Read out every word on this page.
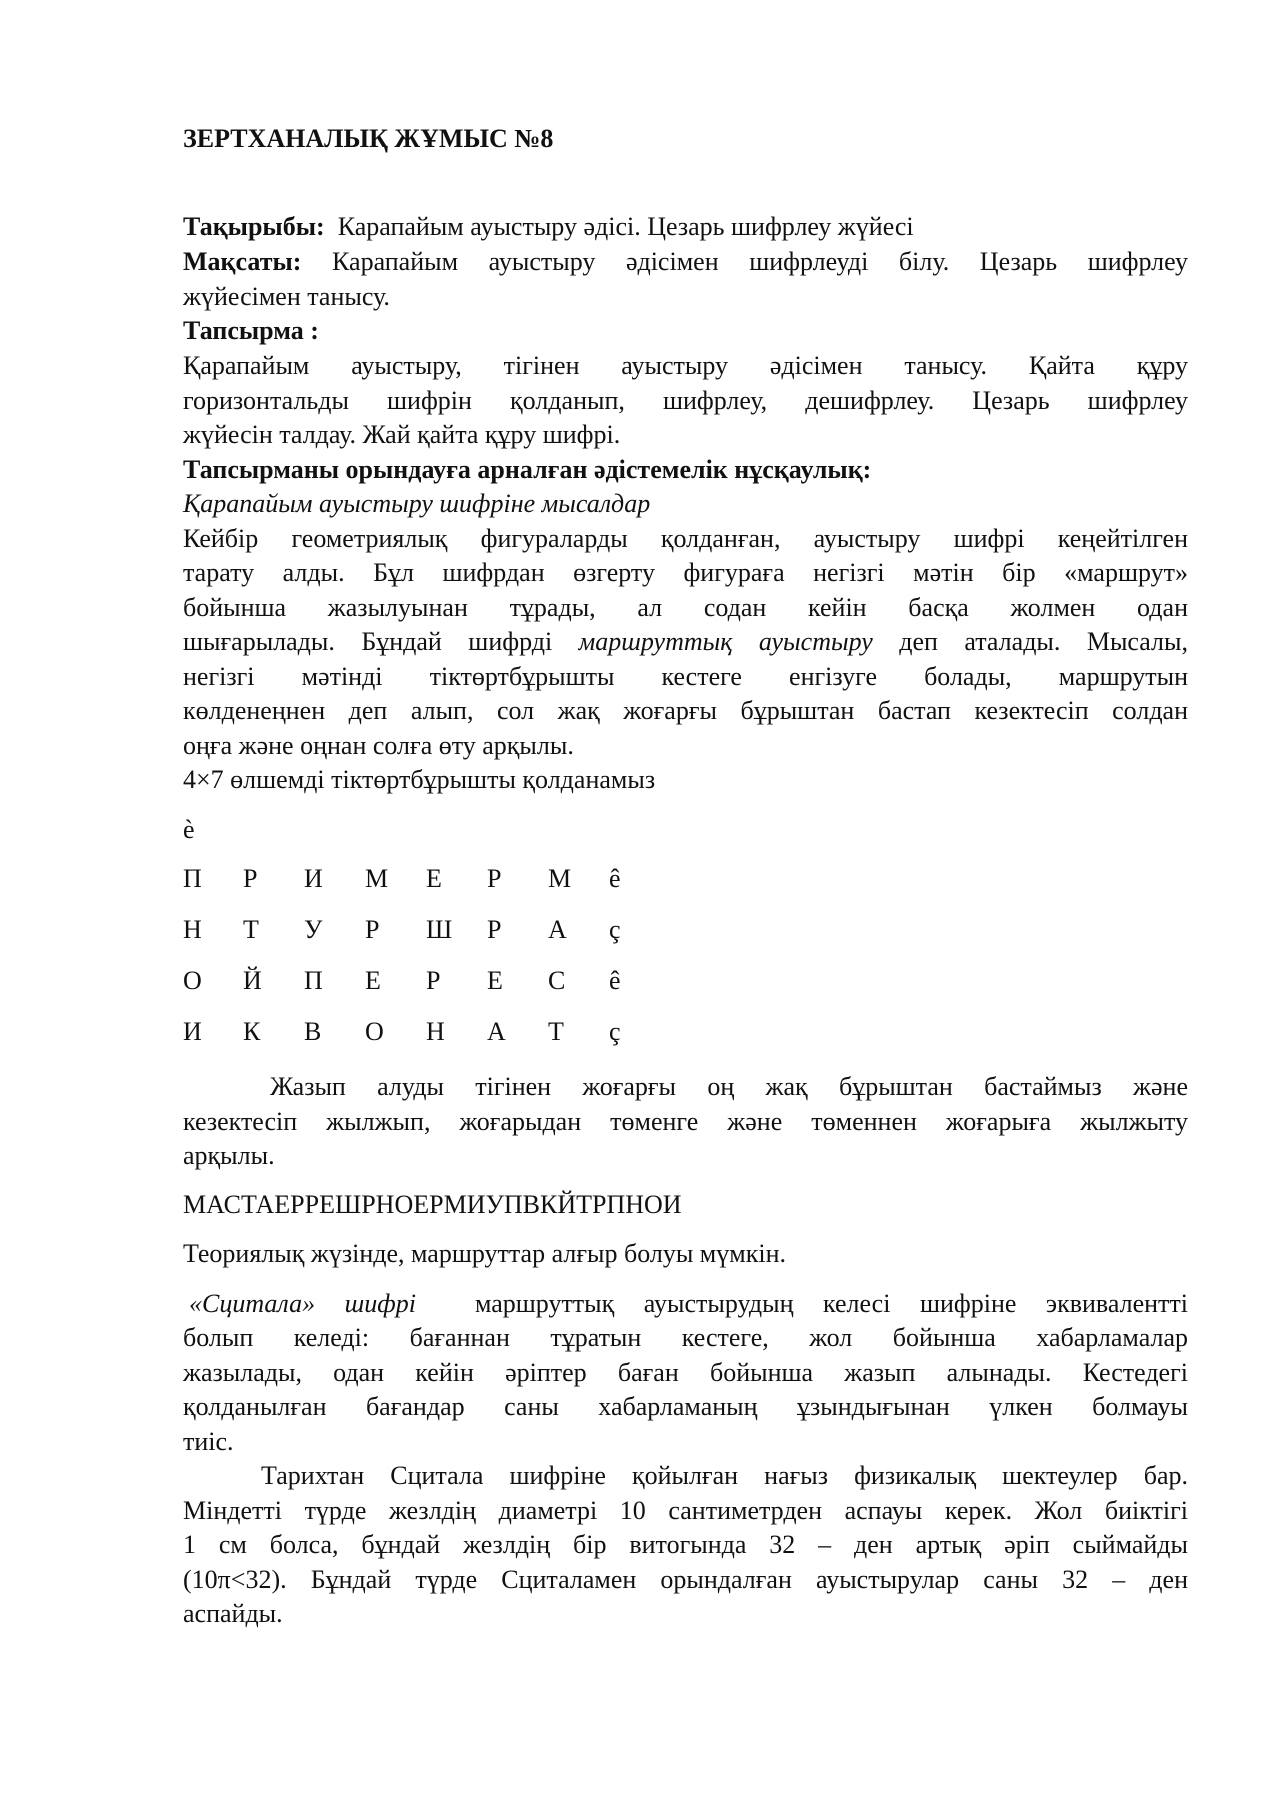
ЗЕРТХАНАЛЫҚ ЖҰМЫС №8
Тақырыбы: Карапайым ауыстыру әдісі. Цезарь шифрлеу жүйесі
Мақсаты: Карапайым ауыстыру әдісімен шифрлеуді білу. Цезарь шифрлеу
жүйесімен танысу.
Тапсырма :
Қарапайым ауыстыру, тігінен ауыстыру әдісімен танысу. Қайта құру
горизонтальды шифрін қолданып, шифрлеу, дешифрлеу. Цезарь шифрлеу
жүйесін талдау. Жай қайта құру шифрі.
Тапсырманы орындауға арналған әдістемелік нұсқаулық:
Қарапайым ауыстыру шифріне мысалдар
Кейбір геометриялық фигураларды қолданған, ауыстыру шифрі кеңейтілген
тарату алды. Бұл шифрдан өзгерту фигураға негізгі мәтін бір «маршрут»
бойынша жазылуынан тұрады, ал содан кейін басқа жолмен одан
шығарылады. Бұндай шифрді маршруттық ауыстыру деп аталады. Мысалы,
негізгі мәтінді тіктөртбұрышты кестеге енгізуге болады, маршрутын
көлденеңнен деп алып, сол жақ жоғарғы бұрыштан бастап кезектесіп солдан
оңға және оңнан солға өту арқылы.
4×7 өлшемді тіктөртбұрышты қолданамыз
è
П	Р	И	М	Е	Р	М	ê
Н	Т	У	Р	Ш	Р	А	ç
О	Й	П	Е	Р	Е	С	ê
И	К	В	О	Н	А	Т	ç
Жазып алуды тігінен жоғарғы оң жақ бұрыштан бастаймыз және
кезектесіп жылжып, жоғарыдан төменге және төменнен жоғарыға жылжыту
арқылы.
МАСТАЕРРЕШРНОЕРМИУПВКЙТРПНОИ
Теориялық жүзінде, маршруттар алғыр болуы мүмкін.
«Сцитала» шифрі маршруттық ауыстырудың келесі шифріне эквивалентті
болып келеді: бағаннан тұратын кестеге, жол бойынша хабарламалар
жазылады, одан кейін әріптер баған бойынша жазып алынады. Кестедегі
қолданылған бағандар саны хабарламаның ұзындығынан үлкен болмауы
тиіс.
Тарихтан Сцитала шифріне қойылған нағыз физикалық шектеулер бар.
Міндетті түрде жезлдің диаметрі 10 сантиметрден аспауы керек. Жол биіктігі
1 см болса, бұндай жезлдің бір витогында 32 – ден артық әріп сыймайды
(10π<32). Бұндай түрде Сциталамен орындалған ауыстырулар саны 32 – ден
аспайды.
